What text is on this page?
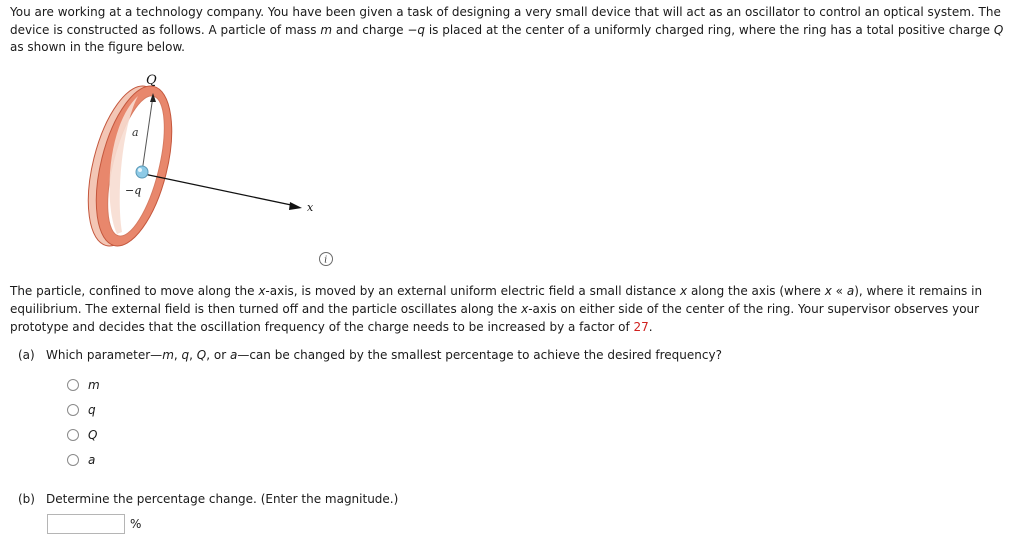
You are working at a technology company. You have been given a task of designing a very small device that will act as an oscillator to control an optical system. The device is constructed as follows. A particle of mass m and charge −q is placed at the center of a uniformly charged ring, where the ring has a total positive charge Q as shown in the figure below.
Q
a
−q
x
i
The particle, confined to move along the x-axis, is moved by an external uniform electric field a small distance x along the axis (where x « a), where it remains in equilibrium. The external field is then turned off and the particle oscillates along the x-axis on either side of the center of the ring. Your supervisor observes your prototype and decides that the oscillation frequency of the charge needs to be increased by a factor of 27.
(a) Which parameter—m, q, Q, or a—can be changed by the smallest percentage to achieve the desired frequency?
m
q
Q
a
(b) Determine the percentage change. (Enter the magnitude.)
%
